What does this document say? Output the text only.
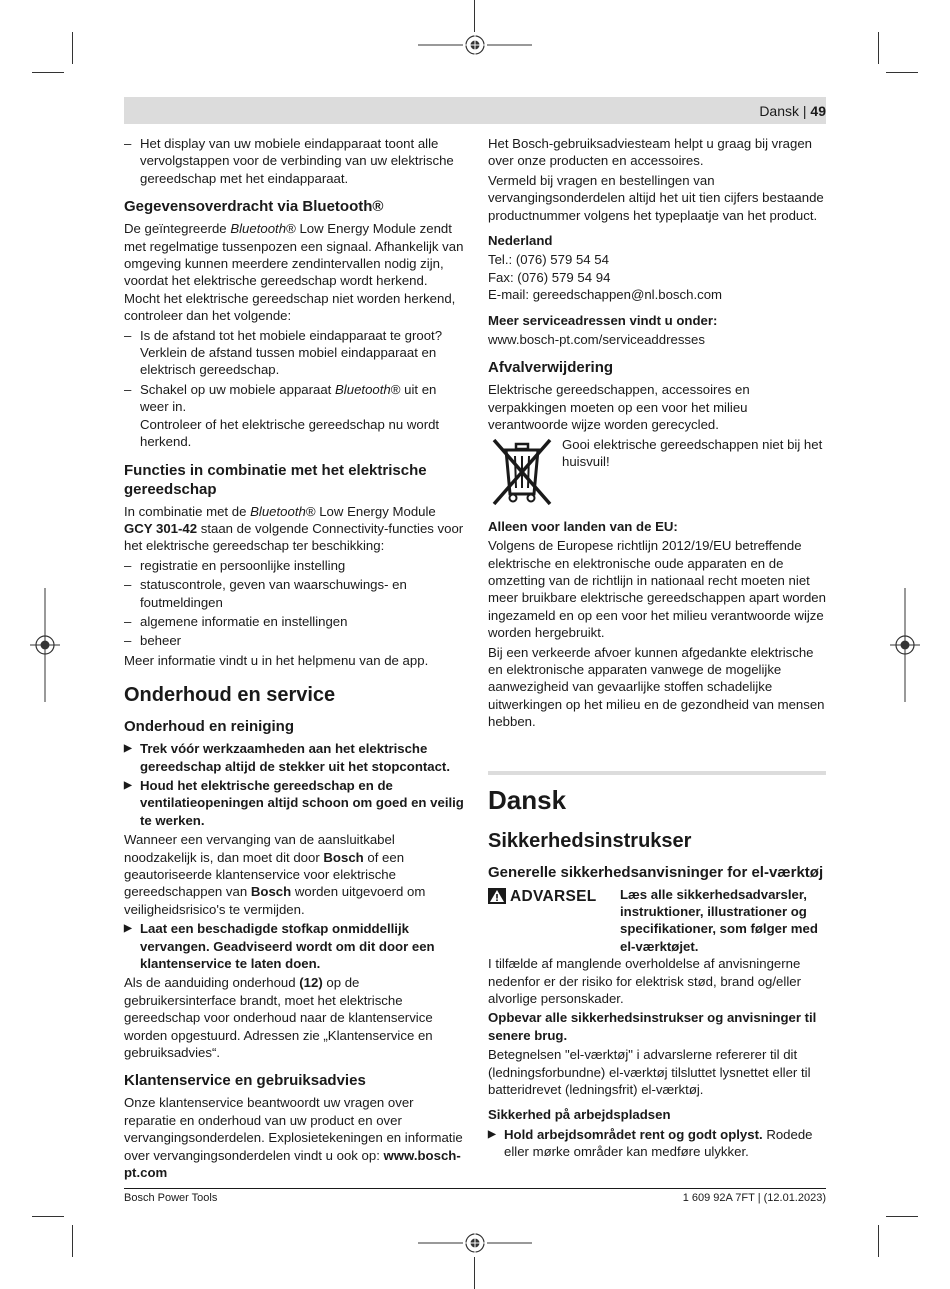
Dansk | 49
– Het display van uw mobiele eindapparaat toont alle vervolgstappen voor de verbinding van uw elektrische gereedschap met het eindapparaat.
Gegevensoverdracht via Bluetooth®

De geïntegreerde Bluetooth® Low Energy Module zendt met regelmatige tussenpozen een signaal. Afhankelijk van omgeving kunnen meerdere zendintervallen nodig zijn, voordat het elektrische gereedschap wordt herkend. Mocht het elektrische gereedschap niet worden herkend, controleer dan het volgende:

– Is de afstand tot het mobiele eindapparaat te groot? Verklein de afstand tussen mobiel eindapparaat en elektrisch gereedschap.
– Schakel op uw mobiele apparaat Bluetooth® uit en weer in.
Controleer of het elektrische gereedschap nu wordt herkend.
Functies in combinatie met het elektrische gereedschap

In combinatie met de Bluetooth® Low Energy Module GCY 301-42 staan de volgende Connectivity-functies voor het elektrische gereedschap ter beschikking:

– registratie en persoonlijke instelling
– statuscontrole, geven van waarschuwings- en foutmeldingen
– algemene informatie en instellingen
– beheer

Meer informatie vindt u in het helpmenu van de app.

Onderhoud en service
Onderhoud en reiniging
▶ Trek vóór werkzaamheden aan het elektrische gereedschap altijd de stekker uit het stopcontact.
▶ Houd het elektrische gereedschap en de ventilatieopeningen altijd schoon om goed en veilig te werken.

Wanneer een vervanging van de aansluitkabel noodzakelijk is, dan moet dit door Bosch of een geautoriseerde klantenservice voor elektrische gereedschappen van Bosch worden uitgevoerd om veiligheidsrisico's te vermijden.

▶ Laat een beschadigde stofkap onmiddellijk vervangen. Geadviseerd wordt om dit door een klantenservice te laten doen.

Als de aanduiding onderhoud (12) op de gebruikersinterface brandt, moet het elektrische gereedschap voor onderhoud naar de klantenservice worden opgestuurd. Adressen zie „Klantenservice en gebruiksadvies“.

Klantenservice en gebruiksadvies

Onze klantenservice beantwoordt uw vragen over reparatie en onderhoud van uw product en over vervangingsonderdelen. Explosietekeningen en informatie over vervangingsonderdelen vindt u ook op: www.bosch-pt.com

Het Bosch-gebruiksadviesteam helpt u graag bij vragen over onze producten en accessoires.

Vermeld bij vragen en bestellingen van vervangingsonderdelen altijd het uit tien cijfers bestaande productnummer volgens het typeplaatje van het product.

Nederland

Tel.: (076) 579 54 54

Fax: (076) 579 54 94

E-mail: gereedschappen@nl.bosch.com

Meer serviceadressen vindt u onder:

www.bosch-pt.com/serviceaddresses

Afvalverwijdering

Elektrische gereedschappen, accessoires en verpakkingen moeten op een voor het milieu verantwoorde wijze worden gerecycled.

Gooi elektrische gereedschappen niet bij het huisvuil!

Alleen voor landen van de EU:

Volgens de Europese richtlijn 2012/19/EU betreffende elektrische en elektronische oude apparaten en de omzetting van de richtlijn in nationaal recht moeten niet meer bruikbare elektrische gereedschappen apart worden ingezameld en op een voor het milieu verantwoorde wijze worden hergebruikt.

Bij een verkeerde afvoer kunnen afgedankte elektrische en elektronische apparaten vanwege de mogelijke aanwezigheid van gevaarlijke stoffen schadelijke uitwerkingen op het milieu en de gezondheid van mensen hebben.

Dansk
Sikkerhedsinstrukser
Generelle sikkerhedsanvisninger for el-værktøj
ADVARSEL	Læs alle sikkerhedsadvarsler, instruktioner, illustrationer og specifikationer, som følger med el-værktøjet.

I tilfælde af manglende overholdelse af anvisningerne nedenfor er der risiko for elektrisk stød, brand og/eller alvorlige personskader.

Opbevar alle sikkerhedsinstrukser og anvisninger til senere brug.

Betegnelsen "el-værktøj" i advarslerne refererer til dit (ledningsforbundne) el-værktøj tilsluttet lysnettet eller til batteridrevet (ledningsfrit) el-værktøj.

Sikkerhed på arbejdspladsen

▶ Hold arbejdsområdet rent og godt oplyst. Rodede eller mørke områder kan medføre ulykker.
Bosch Power Tools	1 609 92A 7FT | (12.01.2023)
